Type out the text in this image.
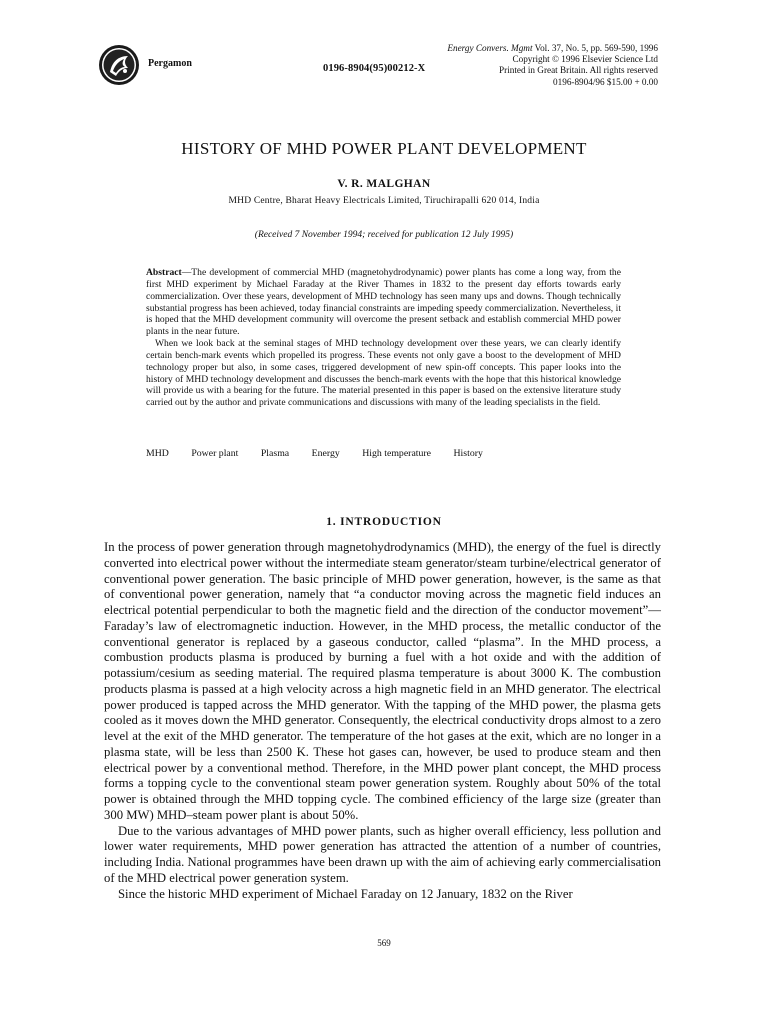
Pergamon	0196-8904(95)00212-X
Energy Convers. Mgmt Vol. 37, No. 5, pp. 569-590, 1996
Copyright © 1996 Elsevier Science Ltd
Printed in Great Britain. All rights reserved
0196-8904/96 $15.00 + 0.00
HISTORY OF MHD POWER PLANT DEVELOPMENT
V. R. MALGHAN
MHD Centre, Bharat Heavy Electricals Limited, Tiruchirapalli 620 014, India
(Received 7 November 1994; received for publication 12 July 1995)

Abstract—The development of commercial MHD (magnetohydrodynamic) power plants has come a long way, from the first MHD experiment by Michael Faraday at the River Thames in 1832 to the present day efforts towards early commercialization. Over these years, development of MHD technology has seen many ups and downs. Though technically substantial progress has been achieved, today financial constraints are impeding speedy commercialization. Nevertheless, it is hoped that the MHD development community will overcome the present setback and establish commercial MHD power plants in the near future.

When we look back at the seminal stages of MHD technology development over these years, we can clearly identify certain bench-mark events which propelled its progress. These events not only gave a boost to the development of MHD technology proper but also, in some cases, triggered development of new spin-off concepts. This paper looks into the history of MHD technology development and discusses the bench-mark events with the hope that this historical knowledge will provide us with a bearing for the future. The material presented in this paper is based on the extensive literature study carried out by the author and private communications and discussions with many of the leading specialists in the field.

MHD Power plant Plasma Energy High temperature History
1. INTRODUCTION

In the process of power generation through magnetohydrodynamics (MHD), the energy of the fuel is directly converted into electrical power without the intermediate steam generator/steam turbine/electrical generator of conventional power generation. The basic principle of MHD power generation, however, is the same as that of conventional power generation, namely that “a conductor moving across the magnetic field induces an electrical potential perpendicular to both the magnetic field and the direction of the conductor movement”—Faraday’s law of electromagnetic induction. However, in the MHD process, the metallic conductor of the conventional generator is replaced by a gaseous conductor, called “plasma”. In the MHD process, a combustion products plasma is produced by burning a fuel with a hot oxide and with the addition of potassium/cesium as seeding material. The required plasma temperature is about 3000 K. The combustion products plasma is passed at a high velocity across a high magnetic field in an MHD generator. The electrical power produced is tapped across the MHD generator. With the tapping of the MHD power, the plasma gets cooled as it moves down the MHD generator. Consequently, the electrical conductivity drops almost to a zero level at the exit of the MHD generator. The temperature of the hot gases at the exit, which are no longer in a plasma state, will be less than 2500 K. These hot gases can, however, be used to produce steam and then electrical power by a conventional method. Therefore, in the MHD power plant concept, the MHD process forms a topping cycle to the conventional steam power generation system. Roughly about 50% of the total power is obtained through the MHD topping cycle. The combined efficiency of the large size (greater than 300 MW) MHD–steam power plant is about 50%.

Due to the various advantages of MHD power plants, such as higher overall efficiency, less pollution and lower water requirements, MHD power generation has attracted the attention of a number of countries, including India. National programmes have been drawn up with the aim of achieving early commercialisation of the MHD electrical power generation system.

Since the historic MHD experiment of Michael Faraday on 12 January, 1832 on the River

569
